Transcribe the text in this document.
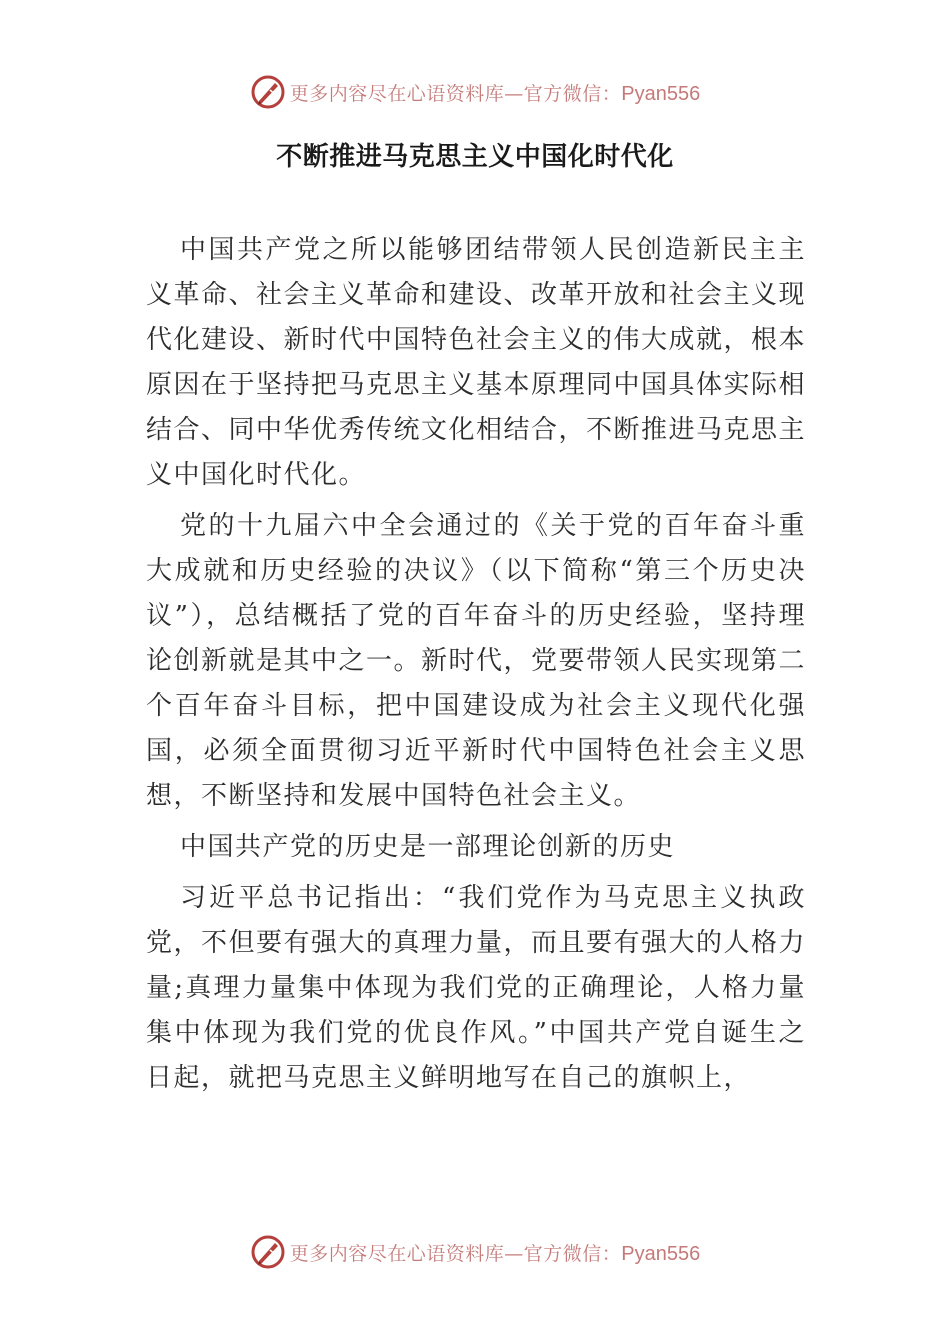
更多内容尽在心语资料库—官方微信：Pyan556
不断推进马克思主义中国化时代化

中国共产党之所以能够团结带领人民创造新民主主义革命、社会主义革命和建设、改革开放和社会主义现代化建设、新时代中国特色社会主义的伟大成就，根本原因在于坚持把马克思主义基本原理同中国具体实际相结合、同中华优秀传统文化相结合，不断推进马克思主义中国化时代化。

党的十九届六中全会通过的《关于党的百年奋斗重大成就和历史经验的决议》（以下简称“第三个历史决议”），总结概括了党的百年奋斗的历史经验，坚持理论创新就是其中之一。新时代，党要带领人民实现第二个百年奋斗目标，把中国建设成为社会主义现代化强国，必须全面贯彻习近平新时代中国特色社会主义思想，不断坚持和发展中国特色社会主义。

中国共产党的历史是一部理论创新的历史

习近平总书记指出：“我们党作为马克思主义执政党，不但要有强大的真理力量，而且要有强大的人格力量;真理力量集中体现为我们党的正确理论，人格力量集中体现为我们党的优良作风。”中国共产党自诞生之日起，就把马克思主义鲜明地写在自己的旗帜上，

更多内容尽在心语资料库—官方微信：Pyan556
